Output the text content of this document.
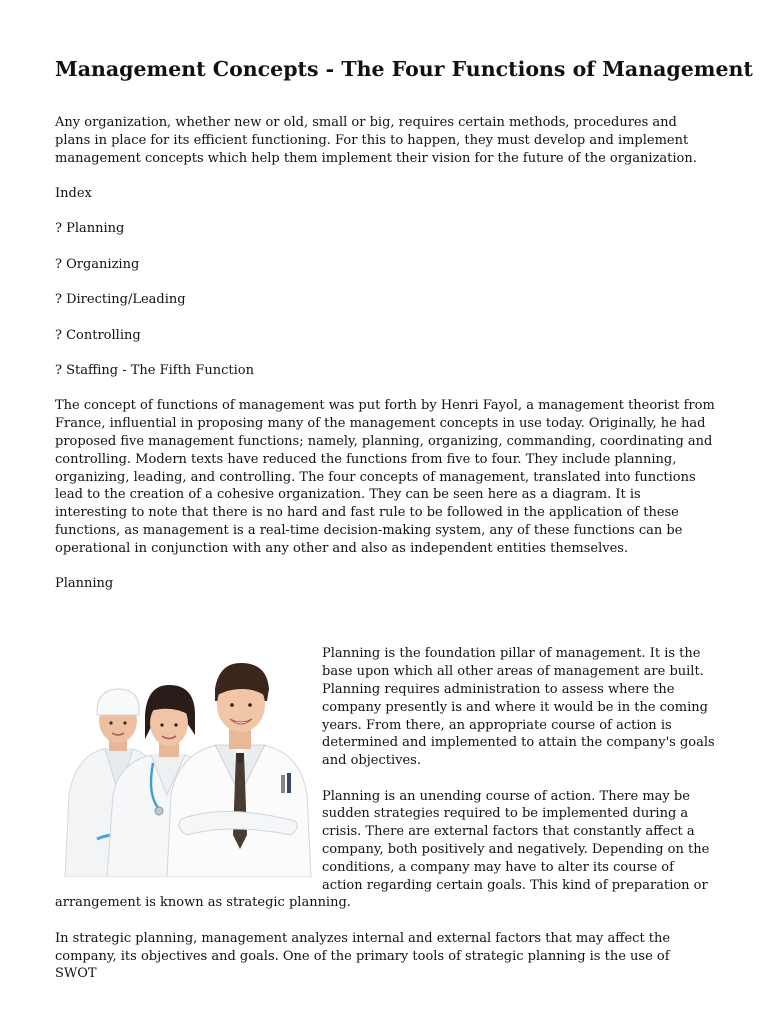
Management Concepts - The Four Functions of Management

Any organization, whether new or old, small or big, requires certain methods, procedures and plans in place for its efficient functioning. For this to happen, they must develop and implement management concepts which help them implement their vision for the future of the organization.

Index

? Planning

? Organizing

? Directing/Leading

? Controlling

? Staffing - The Fifth Function

The concept of functions of management was put forth by Henri Fayol, a management theorist from France, influential in proposing many of the management concepts in use today. Originally, he had proposed five management functions; namely, planning, organizing, commanding, coordinating and controlling. Modern texts have reduced the functions from five to four. They include planning, organizing, leading, and controlling. The four concepts of management, translated into functions lead to the creation of a cohesive organization. They can be seen here as a diagram. It is interesting to note that there is no hard and fast rule to be followed in the application of these functions, as management is a real-time decision-making system, any of these functions can be operational in conjunction with any other and also as independent entities themselves.

Planning

Planning is the foundation pillar of management. It is the base upon which all other areas of management are built. Planning requires administration to assess where the company presently is and where it would be in the coming years. From there, an appropriate course of action is determined and implemented to attain the company's goals and objectives.

Planning is an unending course of action. There may be sudden strategies required to be implemented during a crisis. There are external factors that constantly affect a company, both positively and negatively. Depending on the conditions, a company may have to alter its course of action regarding certain goals. This kind of preparation or arrangement is known as strategic planning.

In strategic planning, management analyzes internal and external factors that may affect the company, its objectives and goals. One of the primary tools of strategic planning is the use of SWOT
